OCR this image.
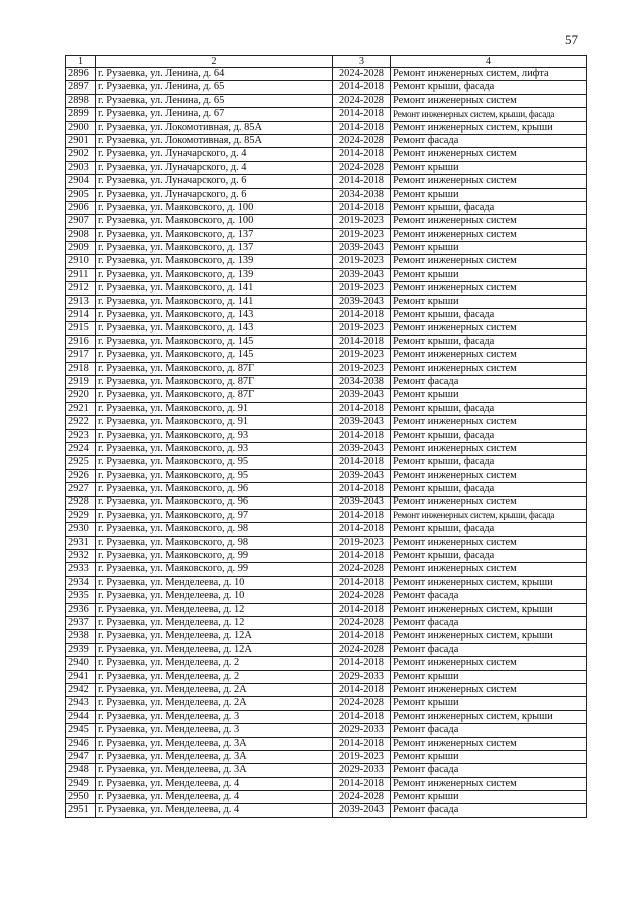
57
1	2	3	4
2896	г. Рузаевка, ул. Ленина, д. 64	2024-2028	Ремонт инженерных систем, лифта
2897	г. Рузаевка, ул. Ленина, д. 65	2014-2018	Ремонт крыши, фасада
2898	г. Рузаевка, ул. Ленина, д. 65	2024-2028	Ремонт инженерных систем
2899	г. Рузаевка, ул. Ленина, д. 67	2014-2018	Ремонт инженерных систем, крыши, фасада
2900	г. Рузаевка, ул. Локомотивная, д. 85А	2014-2018	Ремонт инженерных систем, крыши
2901	г. Рузаевка, ул. Локомотивная, д. 85А	2024-2028	Ремонт фасада
2902	г. Рузаевка, ул. Луначарского, д. 4	2014-2018	Ремонт инженерных систем
2903	г. Рузаевка, ул. Луначарского, д. 4	2024-2028	Ремонт крыши
2904	г. Рузаевка, ул. Луначарского, д. 6	2014-2018	Ремонт инженерных систем
2905	г. Рузаевка, ул. Луначарского, д. 6	2034-2038	Ремонт крыши
2906	г. Рузаевка, ул. Маяковского, д. 100	2014-2018	Ремонт крыши, фасада
2907	г. Рузаевка, ул. Маяковского, д. 100	2019-2023	Ремонт инженерных систем
2908	г. Рузаевка, ул. Маяковского, д. 137	2019-2023	Ремонт инженерных систем
2909	г. Рузаевка, ул. Маяковского, д. 137	2039-2043	Ремонт крыши
2910	г. Рузаевка, ул. Маяковского, д. 139	2019-2023	Ремонт инженерных систем
2911	г. Рузаевка, ул. Маяковского, д. 139	2039-2043	Ремонт крыши
2912	г. Рузаевка, ул. Маяковского, д. 141	2019-2023	Ремонт инженерных систем
2913	г. Рузаевка, ул. Маяковского, д. 141	2039-2043	Ремонт крыши
2914	г. Рузаевка, ул. Маяковского, д. 143	2014-2018	Ремонт крыши, фасада
2915	г. Рузаевка, ул. Маяковского, д. 143	2019-2023	Ремонт инженерных систем
2916	г. Рузаевка, ул. Маяковского, д. 145	2014-2018	Ремонт крыши, фасада
2917	г. Рузаевка, ул. Маяковского, д. 145	2019-2023	Ремонт инженерных систем
2918	г. Рузаевка, ул. Маяковского, д. 87Г	2019-2023	Ремонт инженерных систем
2919	г. Рузаевка, ул. Маяковского, д. 87Г	2034-2038	Ремонт фасада
2920	г. Рузаевка, ул. Маяковского, д. 87Г	2039-2043	Ремонт крыши
2921	г. Рузаевка, ул. Маяковского, д. 91	2014-2018	Ремонт крыши, фасада
2922	г. Рузаевка, ул. Маяковского, д. 91	2039-2043	Ремонт инженерных систем
2923	г. Рузаевка, ул. Маяковского, д. 93	2014-2018	Ремонт крыши, фасада
2924	г. Рузаевка, ул. Маяковского, д. 93	2039-2043	Ремонт инженерных систем
2925	г. Рузаевка, ул. Маяковского, д. 95	2014-2018	Ремонт крыши, фасада
2926	г. Рузаевка, ул. Маяковского, д. 95	2039-2043	Ремонт инженерных систем
2927	г. Рузаевка, ул. Маяковского, д. 96	2014-2018	Ремонт крыши, фасада
2928	г. Рузаевка, ул. Маяковского, д. 96	2039-2043	Ремонт инженерных систем
2929	г. Рузаевка, ул. Маяковского, д. 97	2014-2018	Ремонт инженерных систем, крыши, фасада
2930	г. Рузаевка, ул. Маяковского, д. 98	2014-2018	Ремонт крыши, фасада
2931	г. Рузаевка, ул. Маяковского, д. 98	2019-2023	Ремонт инженерных систем
2932	г. Рузаевка, ул. Маяковского, д. 99	2014-2018	Ремонт крыши, фасада
2933	г. Рузаевка, ул. Маяковского, д. 99	2024-2028	Ремонт инженерных систем
2934	г. Рузаевка, ул. Менделеева, д. 10	2014-2018	Ремонт инженерных систем, крыши
2935	г. Рузаевка, ул. Менделеева, д. 10	2024-2028	Ремонт фасада
2936	г. Рузаевка, ул. Менделеева, д. 12	2014-2018	Ремонт инженерных систем, крыши
2937	г. Рузаевка, ул. Менделеева, д. 12	2024-2028	Ремонт фасада
2938	г. Рузаевка, ул. Менделеева, д. 12А	2014-2018	Ремонт инженерных систем, крыши
2939	г. Рузаевка, ул. Менделеева, д. 12А	2024-2028	Ремонт фасада
2940	г. Рузаевка, ул. Менделеева, д. 2	2014-2018	Ремонт инженерных систем
2941	г. Рузаевка, ул. Менделеева, д. 2	2029-2033	Ремонт крыши
2942	г. Рузаевка, ул. Менделеева, д. 2А	2014-2018	Ремонт инженерных систем
2943	г. Рузаевка, ул. Менделеева, д. 2А	2024-2028	Ремонт крыши
2944	г. Рузаевка, ул. Менделеева, д. 3	2014-2018	Ремонт инженерных систем, крыши
2945	г. Рузаевка, ул. Менделеева, д. 3	2029-2033	Ремонт фасада
2946	г. Рузаевка, ул. Менделеева, д. 3А	2014-2018	Ремонт инженерных систем
2947	г. Рузаевка, ул. Менделеева, д. 3А	2019-2023	Ремонт крыши
2948	г. Рузаевка, ул. Менделеева, д. 3А	2029-2033	Ремонт фасада
2949	г. Рузаевка, ул. Менделеева, д. 4	2014-2018	Ремонт инженерных систем
2950	г. Рузаевка, ул. Менделеева, д. 4	2024-2028	Ремонт крыши
2951	г. Рузаевка, ул. Менделеева, д. 4	2039-2043	Ремонт фасада
